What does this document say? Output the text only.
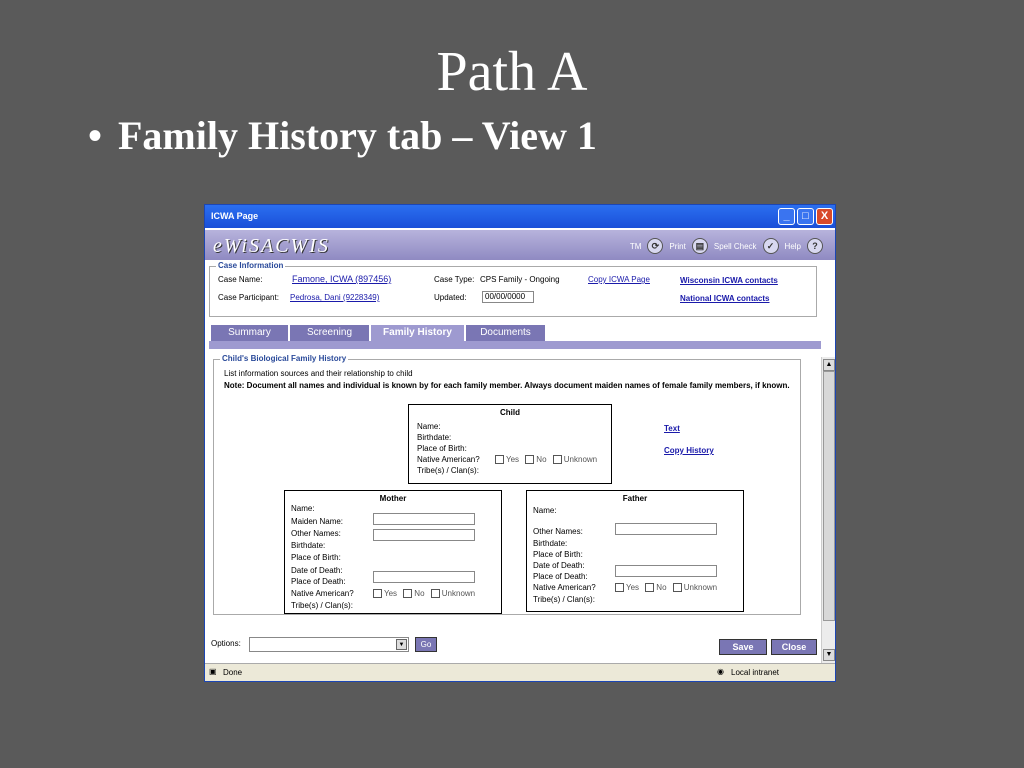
Path A
• Family History tab – View 1
ICWA Page	_	□	X
eWiSACWIS	TM	⟳	Print	▤	Spell Check	✓	Help	?
Case Information
Case Name:	Famone, ICWA (897456)	Case Type: CPS Family - Ongoing	Copy ICWA Page	Wisconsin ICWA contacts
Case Participant: Pedrosa, Dani (9228349)	Updated:	00/00/0000	National ICWA contacts
Summary	Screening	Family History	Documents
▲
▼
Child's Biological Family History
List information sources and their relationship to child
Note: Document all names and individual is known by for each family member. Always document maiden names of female family members, if known.
Child
Name:
Birthdate:
Place of Birth:
Native American?	Yes No Unknown
Tribe(s) / Clan(s):
Text
Copy History
Mother
Name:
Maiden Name:
Other Names:
Birthdate:
Place of Birth:
Date of Death:
Place of Death:
Native American?	Yes No Unknown
Tribe(s) / Clan(s):
Father
Name:
Other Names:
Birthdate:
Place of Birth:
Date of Death:
Place of Death:
Native American?	Yes No Unknown
Tribe(s) / Clan(s):
Options:	▼	Go	Save	Close
▣ Done	◉ Local intranet
